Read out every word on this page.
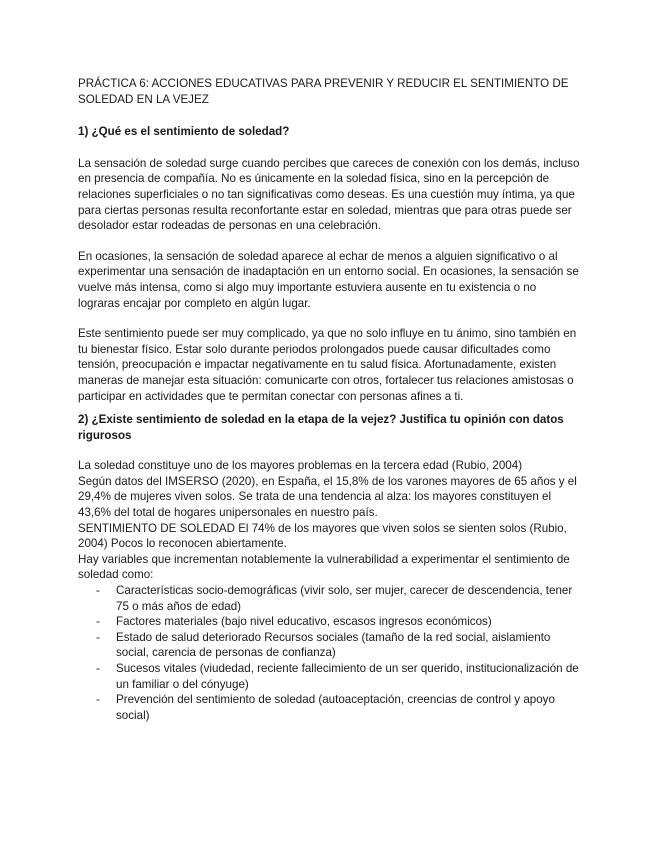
PRÁCTICA 6: ACCIONES EDUCATIVAS PARA PREVENIR Y REDUCIR EL SENTIMIENTO DE SOLEDAD EN LA VEJEZ

1) ¿Qué es el sentimiento de soledad?

La sensación de soledad surge cuando percibes que careces de conexión con los demás, incluso en presencia de compañía. No es únicamente en la soledad física, sino en la percepción de relaciones superficiales o no tan significativas como deseas. Es una cuestión muy íntima, ya que para ciertas personas resulta reconfortante estar en soledad, mientras que para otras puede ser desolador estar rodeadas de personas en una celebración.

En ocasiones, la sensación de soledad aparece al echar de menos a alguien significativo o al experimentar una sensación de inadaptación en un entorno social. En ocasiones, la sensación se vuelve más intensa, como si algo muy importante estuviera ausente en tu existencia o no lograras encajar por completo en algún lugar.

Este sentimiento puede ser muy complicado, ya que no solo influye en tu ánimo, sino también en tu bienestar físico. Estar solo durante periodos prolongados puede causar dificultades como tensión, preocupación e impactar negativamente en tu salud física. Afortunadamente, existen maneras de manejar esta situación: comunicarte con otros, fortalecer tus relaciones amistosas o participar en actividades que te permitan conectar con personas afines a ti.

2) ¿Existe sentimiento de soledad en la etapa de la vejez? Justifica tu opinión con datos rigurosos

La soledad constituye uno de los mayores problemas en la tercera edad (Rubio, 2004)

Según datos del IMSERSO (2020), en España, el 15,8% de los varones mayores de 65 años y el 29,4% de mujeres viven solos. Se trata de una tendencia al alza: los mayores constituyen el 43,6% del total de hogares unipersonales en nuestro país.

SENTIMIENTO DE SOLEDAD El 74% de los mayores que viven solos se sienten solos (Rubio, 2004) Pocos lo reconocen abiertamente.

Hay variables que incrementan notablemente la vulnerabilidad a experimentar el sentimiento de soledad como:

- Características socio-demográficas (vivir solo, ser mujer, carecer de descendencia, tener 75 o más años de edad)
- Factores materiales (bajo nivel educativo, escasos ingresos económicos)
- Estado de salud deteriorado Recursos sociales (tamaño de la red social, aislamiento social, carencia de personas de confianza)
- Sucesos vitales (viudedad, reciente fallecimiento de un ser querido, institucionalización de un familiar o del cónyuge)
- Prevención del sentimiento de soledad (autoaceptación, creencias de control y apoyo social)
